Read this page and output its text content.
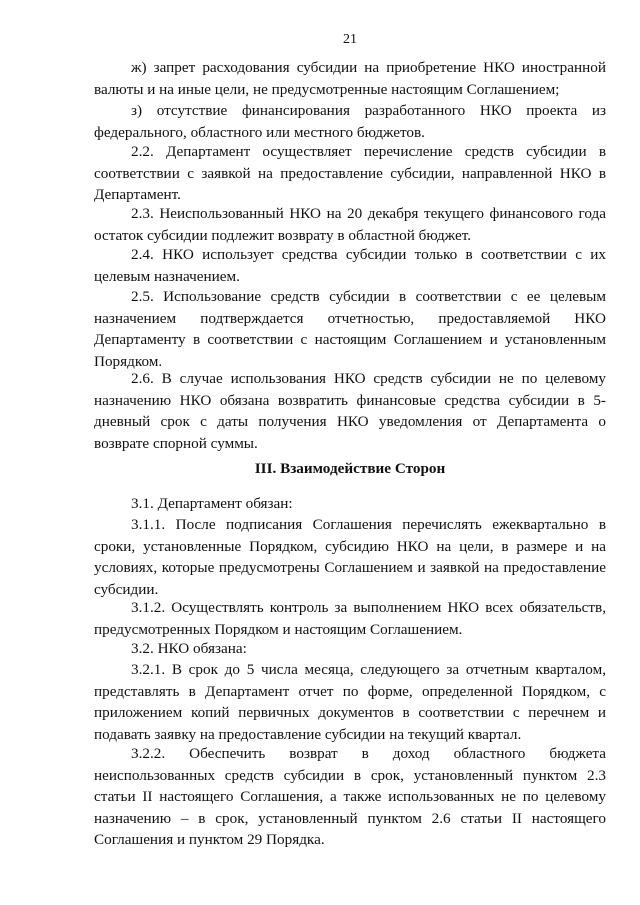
21

ж) запрет расходования субсидии на приобретение НКО иностранной валюты и на иные цели, не предусмотренные настоящим Соглашением;

з) отсутствие финансирования разработанного НКО проекта из федерального, областного или местного бюджетов.

2.2. Департамент осуществляет перечисление средств субсидии в соответствии с заявкой на предоставление субсидии, направленной НКО в Департамент.

2.3. Неиспользованный НКО на 20 декабря текущего финансового года остаток субсидии подлежит возврату в областной бюджет.

2.4. НКО использует средства субсидии только в соответствии с их целевым назначением.

2.5. Использование средств субсидии в соответствии с ее целевым назначением подтверждается отчетностью, предоставляемой НКО Департаменту в соответствии с настоящим Соглашением и установленным Порядком.

2.6. В случае использования НКО средств субсидии не по целевому назначению НКО обязана возвратить финансовые средства субсидии в 5-дневный срок с даты получения НКО уведомления от Департамента о возврате спорной суммы.

III. Взаимодействие Сторон

3.1. Департамент обязан:

3.1.1. После подписания Соглашения перечислять ежеквартально в сроки, установленные Порядком, субсидию НКО на цели, в размере и на условиях, которые предусмотрены Соглашением и заявкой на предоставление субсидии.

3.1.2. Осуществлять контроль за выполнением НКО всех обязательств, предусмотренных Порядком и настоящим Соглашением.

3.2. НКО обязана:

3.2.1. В срок до 5 числа месяца, следующего за отчетным кварталом, представлять в Департамент отчет по форме, определенной Порядком, с приложением копий первичных документов в соответствии с перечнем и подавать заявку на предоставление субсидии на текущий квартал.

3.2.2. Обеспечить возврат в доход областного бюджета неиспользованных средств субсидии в срок, установленный пунктом 2.3 статьи II настоящего Соглашения, а также использованных не по целевому назначению – в срок, установленный пунктом 2.6 статьи II настоящего Соглашения и пунктом 29 Порядка.
